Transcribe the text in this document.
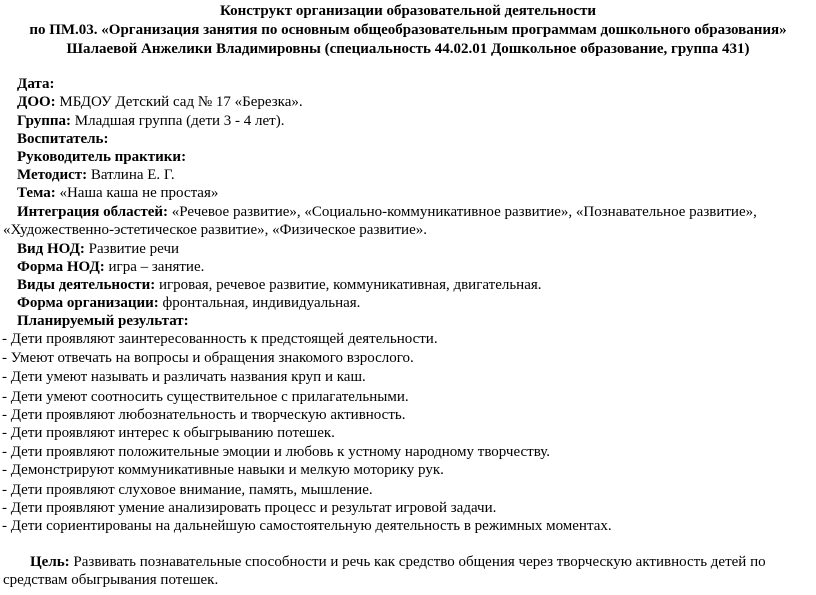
Конструкт организации образовательной деятельности
по ПМ.03. «Организация занятия по основным общеобразовательным программам дошкольного образования»
Шалаевой Анжелики Владимировны (специальность 44.02.01 Дошкольное образование, группа 431)
Дата:
ДОО: МБДОУ Детский сад № 17 «Березка».
Группа: Младшая группа (дети 3 - 4 лет).
Воспитатель:
Руководитель практики:
Методист: Ватлина Е. Г.
Тема: «Наша каша не простая»
Интеграция областей: «Речевое развитие», «Социально-коммуникативное развитие», «Познавательное развитие»,
«Художественно-эстетическое развитие», «Физическое развитие».
Вид НОД: Развитие речи
Форма НОД: игра – занятие.
Виды деятельности: игровая, речевое развитие, коммуникативная, двигательная.
Форма организации: фронтальная, индивидуальная.
Планируемый результат:
- Дети проявляют заинтересованность к предстоящей деятельности.
- Умеют отвечать на вопросы и обращения знакомого взрослого.
- Дети умеют называть и различать названия круп и каш.
- Дети умеют соотносить существительное с прилагательными.
- Дети проявляют любознательность и творческую активность.
- Дети проявляют интерес к обыгрыванию потешек.
- Дети проявляют положительные эмоции и любовь к устному народному творчеству.
- Демонстрируют коммуникативные навыки и мелкую моторику рук.
- Дети проявляют слуховое внимание, память, мышление.
- Дети проявляют умение анализировать процесс и результат игровой задачи.
- Дети сориентированы на дальнейшую самостоятельную деятельность в режимных моментах.
Цель: Развивать познавательные способности и речь как средство общения через творческую активность детей по
средствам обыгрывания потешек.
